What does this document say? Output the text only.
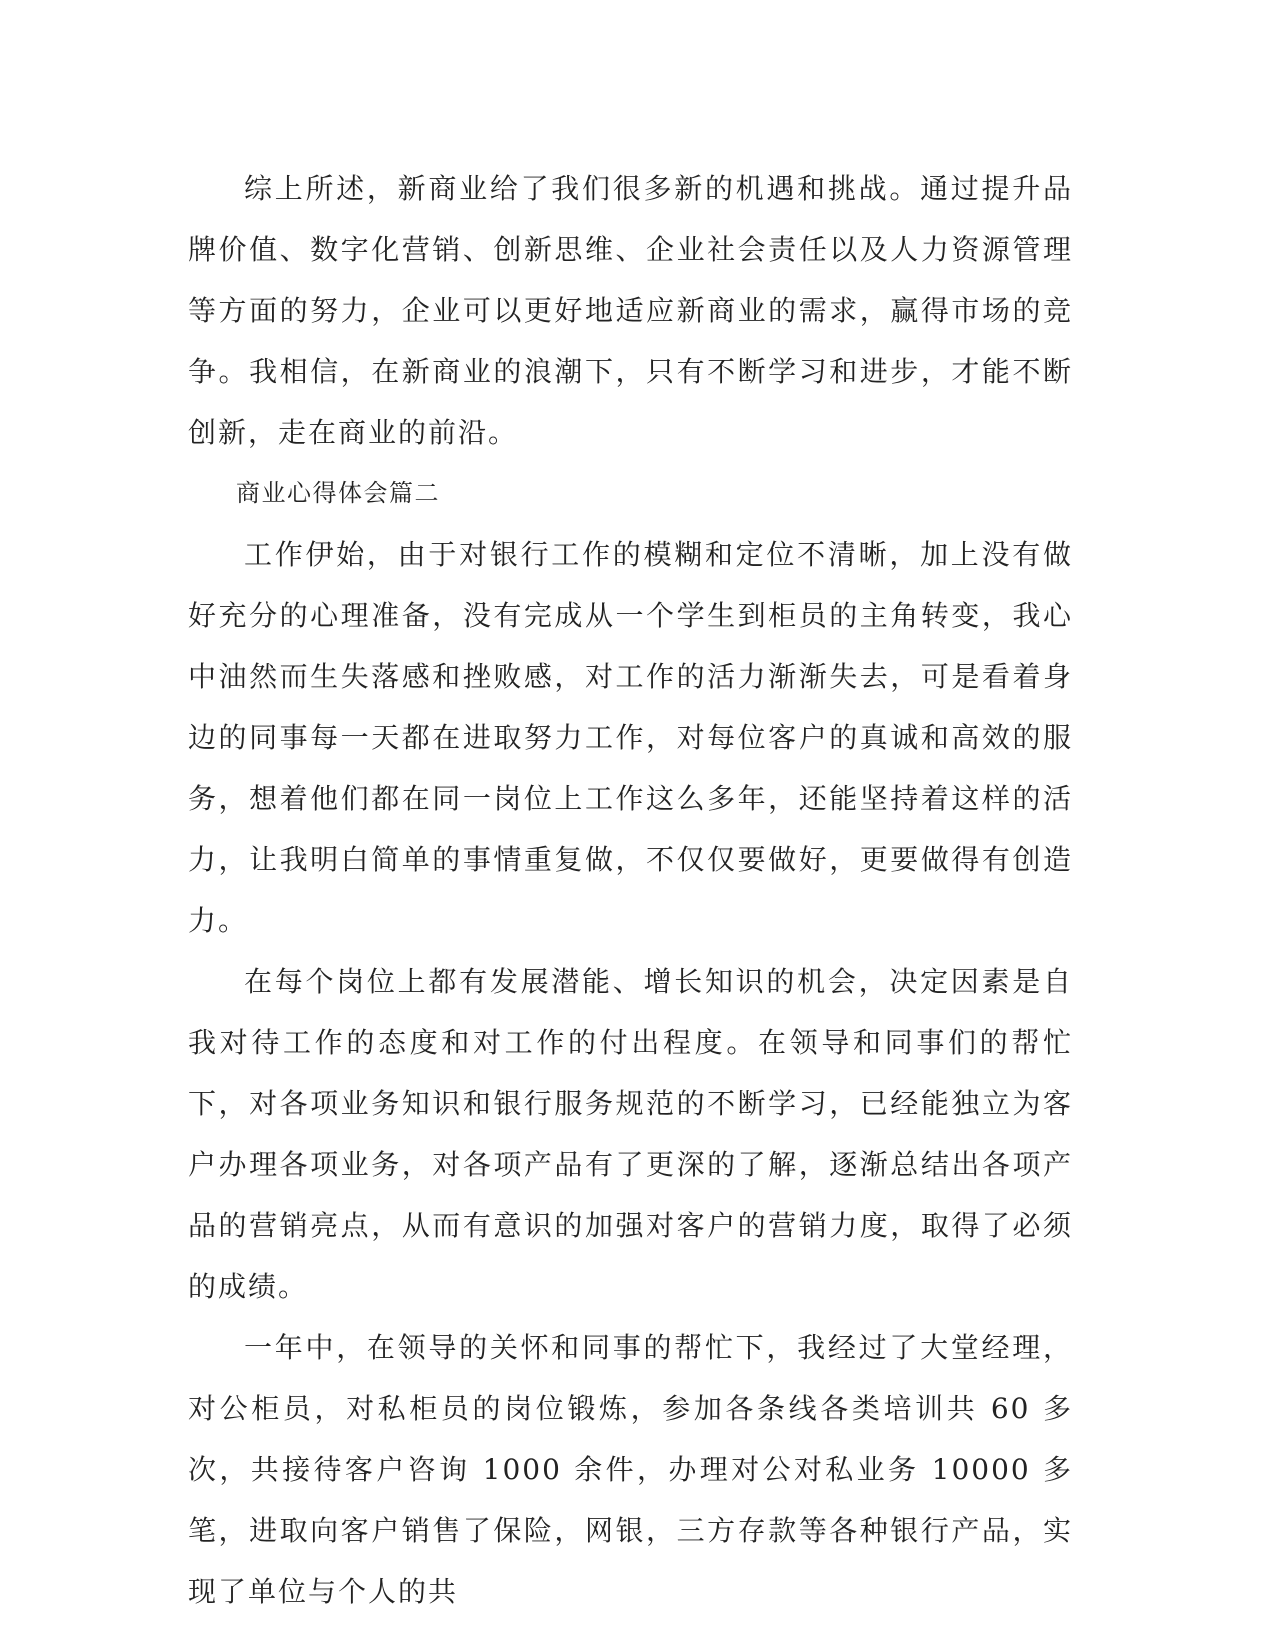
综上所述，新商业给了我们很多新的机遇和挑战。通过提升品牌价值、数字化营销、创新思维、企业社会责任以及人力资源管理等方面的努力，企业可以更好地适应新商业的需求，赢得市场的竞争。我相信，在新商业的浪潮下，只有不断学习和进步，才能不断创新，走在商业的前沿。

商业心得体会篇二

工作伊始，由于对银行工作的模糊和定位不清晰，加上没有做好充分的心理准备，没有完成从一个学生到柜员的主角转变，我心中油然而生失落感和挫败感，对工作的活力渐渐失去，可是看着身边的同事每一天都在进取努力工作，对每位客户的真诚和高效的服务，想着他们都在同一岗位上工作这么多年，还能坚持着这样的活力，让我明白简单的事情重复做，不仅仅要做好，更要做得有创造力。

在每个岗位上都有发展潜能、增长知识的机会，决定因素是自我对待工作的态度和对工作的付出程度。在领导和同事们的帮忙下，对各项业务知识和银行服务规范的不断学习，已经能独立为客户办理各项业务，对各项产品有了更深的了解，逐渐总结出各项产品的营销亮点，从而有意识的加强对客户的营销力度，取得了必须的成绩。

一年中，在领导的关怀和同事的帮忙下，我经过了大堂经理，对公柜员，对私柜员的岗位锻炼，参加各条线各类培训共 60 多次，共接待客户咨询 1000 余件，办理对公对私业务 10000 多笔，进取向客户销售了保险，网银，三方存款等各种银行产品，实现了单位与个人的共
